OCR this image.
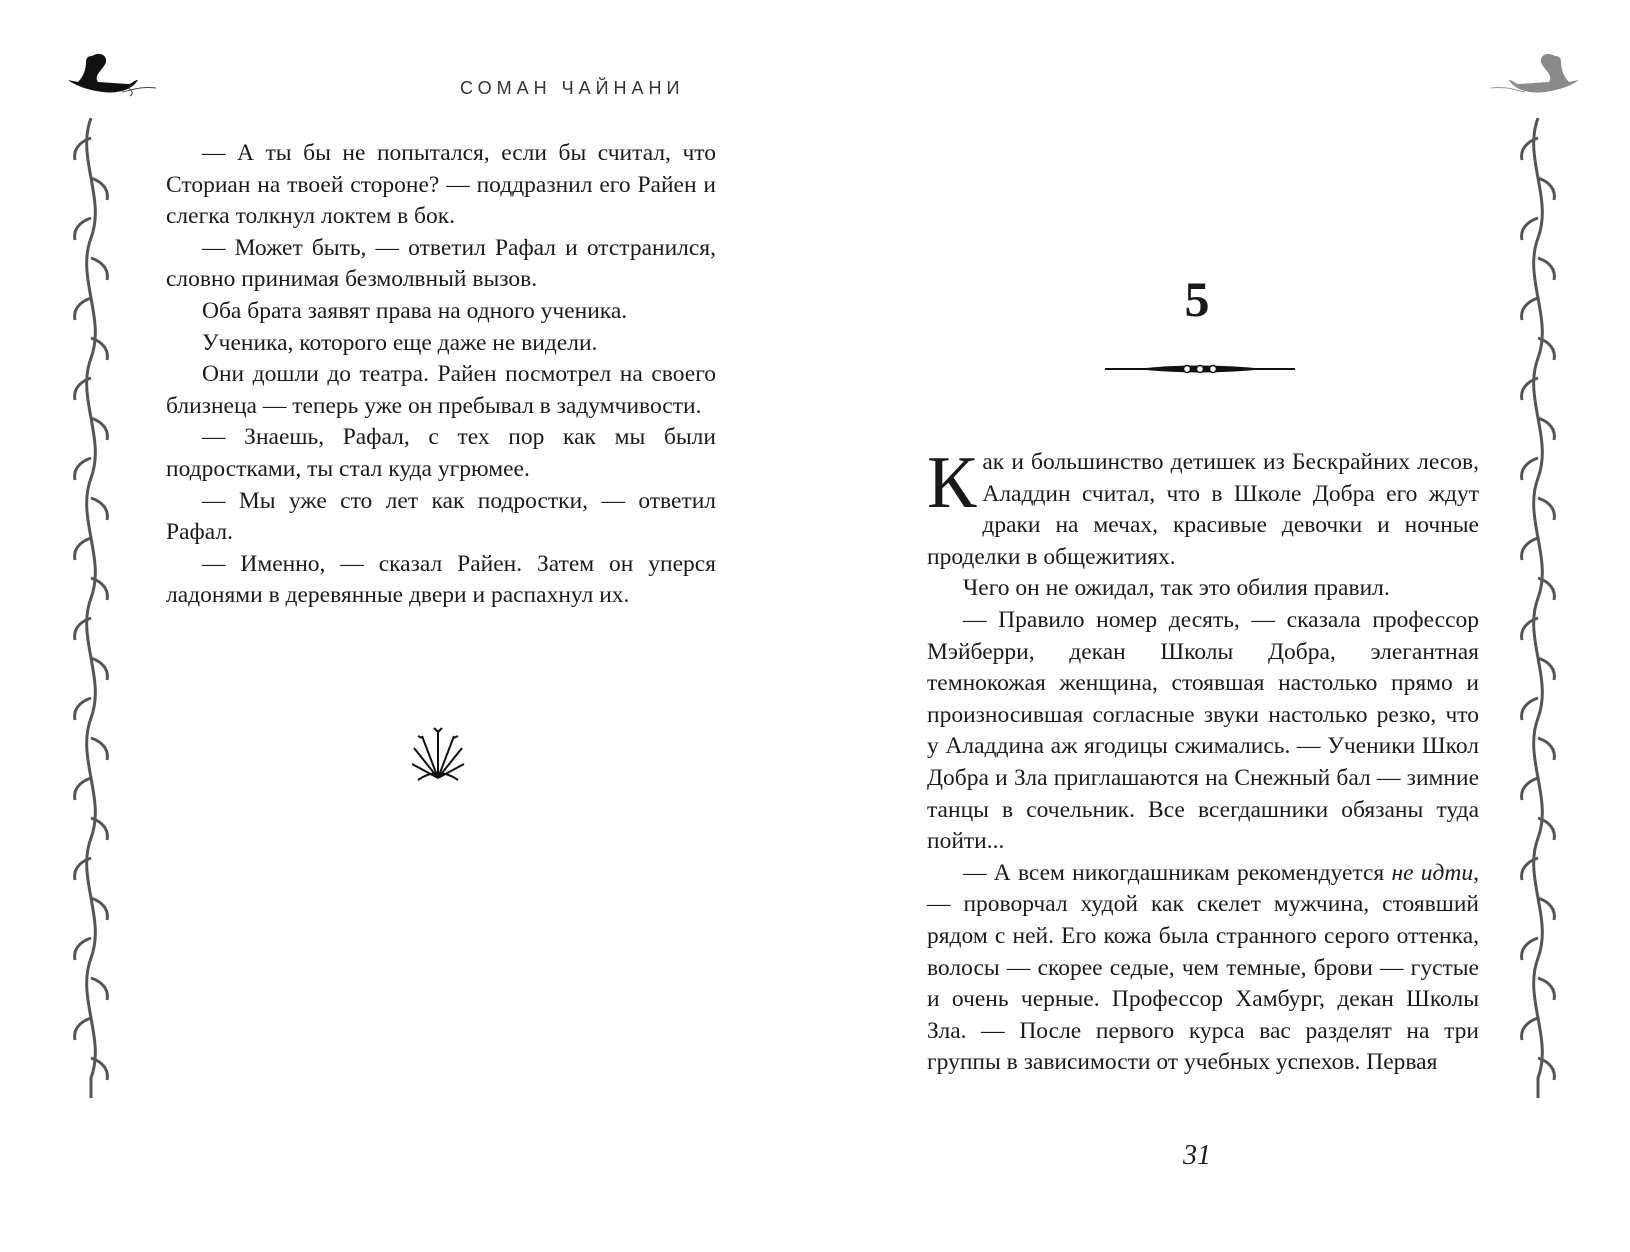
СОМАН ЧАЙНАНИ

— А ты бы не попытался, если бы считал, что Сториан на твоей стороне? — поддразнил его Райен и слегка толкнул локтем в бок.

— Может быть, — ответил Рафал и отстранился, словно принимая безмолвный вызов.

Оба брата заявят права на одного ученика.

Ученика, которого еще даже не видели.

Они дошли до театра. Райен посмотрел на своего близнеца — теперь уже он пребывал в задумчивости.

— Знаешь, Рафал, с тех пор как мы были подростками, ты стал куда угрюмее.

— Мы уже сто лет как подростки, — ответил Рафал.

— Именно, — сказал Райен. Затем он уперся ладонями в деревянные двери и распахнул их.

5

Как и большинство детишек из Бескрайних лесов, Аладдин считал, что в Школе Добра его ждут драки на мечах, красивые девочки и ночные проделки в общежитиях.

Чего он не ожидал, так это обилия правил.

— Правило номер десять, — сказала профессор Мэйберри, декан Школы Добра, элегантная темнокожая женщина, стоявшая настолько прямо и произносившая согласные звуки настолько резко, что у Аладдина аж ягодицы сжимались. — Ученики Школ Добра и Зла приглашаются на Снежный бал — зимние танцы в сочельник. Все всегдашники обязаны туда пойти...

— А всем никогдашникам рекомендуется не идти, — проворчал худой как скелет мужчина, стоявший рядом с ней. Его кожа была странного серого оттенка, волосы — скорее седые, чем темные, брови — густые и очень черные. Профессор Хамбург, декан Школы Зла. — После первого курса вас разделят на три группы в зависимости от учебных успехов. Первая

31
